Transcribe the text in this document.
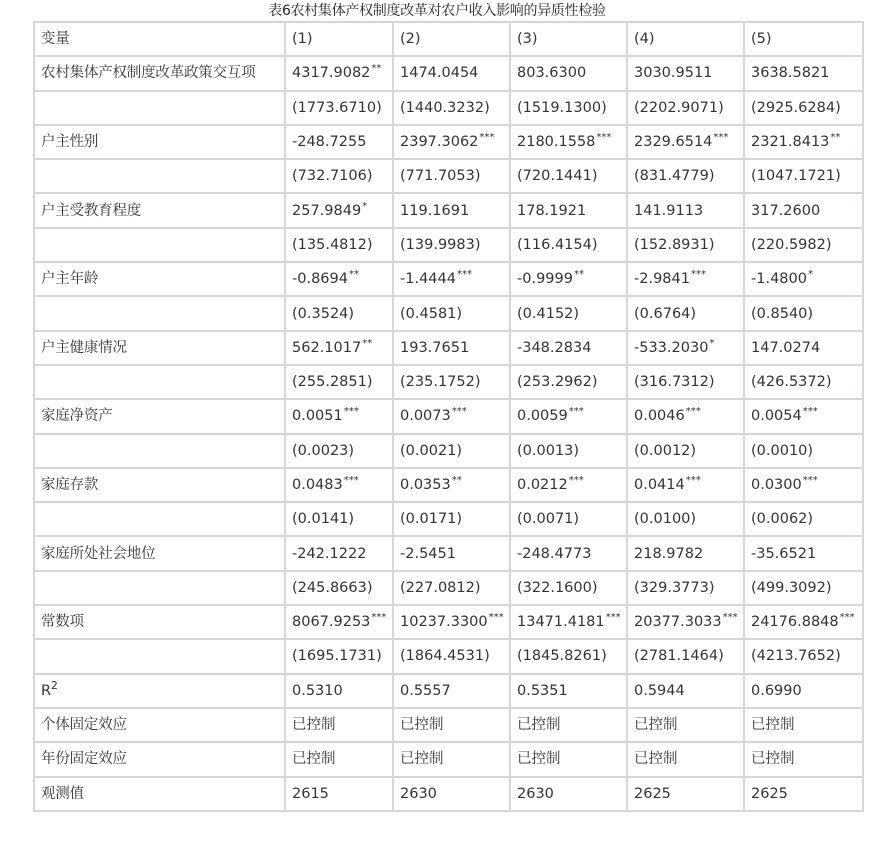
表6农村集体产权制度改革对农户收入影响的异质性检验
变量	(1)	(2)	(3)	(4)	(5)
农村集体产权制度改革政策交互项	4317.9082**	1474.0454	803.6300	3030.9511	3638.5821
	(1773.6710)	(1440.3232)	(1519.1300)	(2202.9071)	(2925.6284)
户主性别	-248.7255	2397.3062***	2180.1558***	2329.6514***	2321.8413**
	(732.7106)	(771.7053)	(720.1441)	(831.4779)	(1047.1721)
户主受教育程度	257.9849*	119.1691	178.1921	141.9113	317.2600
	(135.4812)	(139.9983)	(116.4154)	(152.8931)	(220.5982)
户主年龄	-0.8694**	-1.4444***	-0.9999**	-2.9841***	-1.4800*
	(0.3524)	(0.4581)	(0.4152)	(0.6764)	(0.8540)
户主健康情况	562.1017**	193.7651	-348.2834	-533.2030*	147.0274
	(255.2851)	(235.1752)	(253.2962)	(316.7312)	(426.5372)
家庭净资产	0.0051***	0.0073***	0.0059***	0.0046***	0.0054***
	(0.0023)	(0.0021)	(0.0013)	(0.0012)	(0.0010)
家庭存款	0.0483***	0.0353**	0.0212***	0.0414***	0.0300***
	(0.0141)	(0.0171)	(0.0071)	(0.0100)	(0.0062)
家庭所处社会地位	-242.1222	-2.5451	-248.4773	218.9782	-35.6521
	(245.8663)	(227.0812)	(322.1600)	(329.3773)	(499.3092)
常数项	8067.9253***	10237.3300***	13471.4181***	20377.3033***	24176.8848***
	(1695.1731)	(1864.4531)	(1845.8261)	(2781.1464)	(4213.7652)
$R^2$	0.5310	0.5557	0.5351	0.5944	0.6990
个体固定效应	已控制	已控制	已控制	已控制	已控制
年份固定效应	已控制	已控制	已控制	已控制	已控制
观测值	2615	2630	2630	2625	2625
